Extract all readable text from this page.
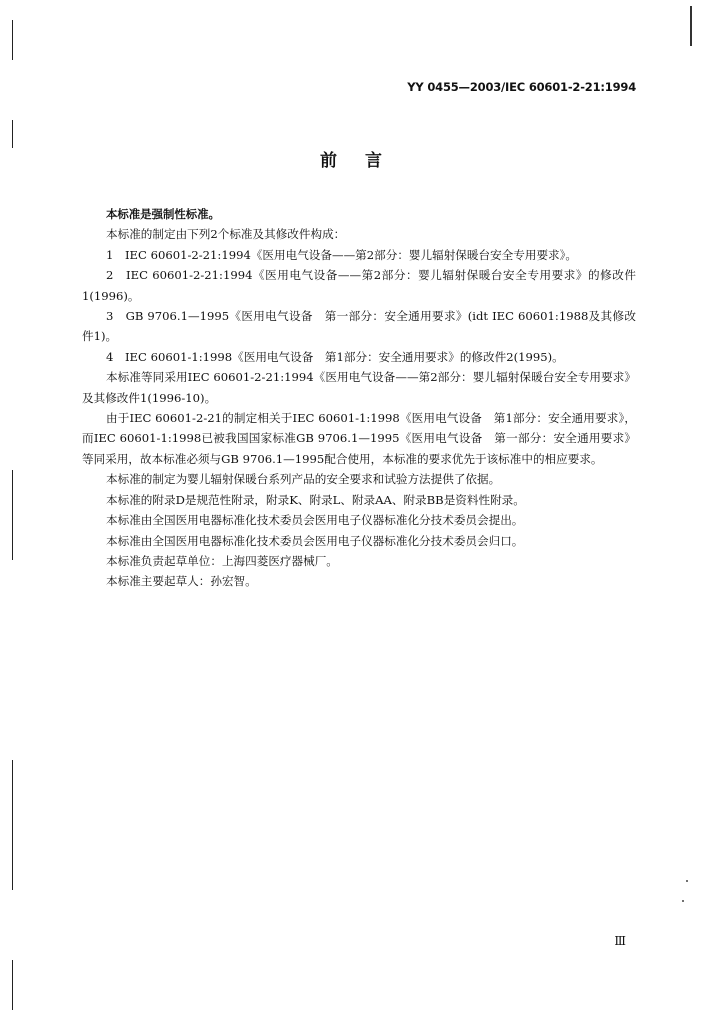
YY 0455—2003/IEC 60601-2-21:1994
前言

本标准是强制性标准。

本标准的制定由下列2个标准及其修改件构成：

1　IEC 60601-2-21:1994《医用电气设备——第2部分：婴儿辐射保暖台安全专用要求》。

2　IEC 60601-2-21:1994《医用电气设备——第2部分：婴儿辐射保暖台安全专用要求》的修改件1(1996)。

3　GB 9706.1—1995《医用电气设备　第一部分：安全通用要求》(idt IEC 60601:1988及其修改件1)。

4　IEC 60601-1:1998《医用电气设备　第1部分：安全通用要求》的修改件2(1995)。

本标准等同采用IEC 60601-2-21:1994《医用电气设备——第2部分：婴儿辐射保暖台安全专用要求》及其修改件1(1996-10)。

由于IEC 60601-2-21的制定相关于IEC 60601-1:1998《医用电气设备　第1部分：安全通用要求》，而IEC 60601-1:1998已被我国国家标准GB 9706.1—1995《医用电气设备　第一部分：安全通用要求》等同采用，故本标准必须与GB 9706.1—1995配合使用，本标准的要求优先于该标准中的相应要求。

本标准的制定为婴儿辐射保暖台系列产品的安全要求和试验方法提供了依据。

本标准的附录D是规范性附录，附录K、附录L、附录AA、附录BB是资料性附录。

本标准由全国医用电器标准化技术委员会医用电子仪器标准化分技术委员会提出。

本标准由全国医用电器标准化技术委员会医用电子仪器标准化分技术委员会归口。

本标准负责起草单位：上海四菱医疗器械厂。

本标准主要起草人：孙宏智。

Ⅲ
